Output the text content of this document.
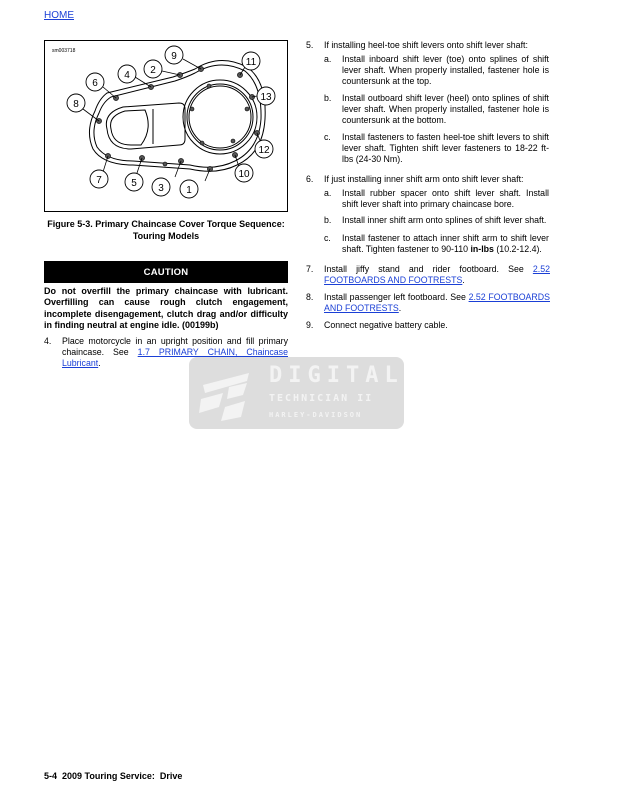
HOME
sm003718
1
2
3
4
5
6
7
8
9
10
11
12
13
Figure 5-3. Primary Chaincase Cover Torque Sequence:
Touring Models
CAUTION
Do not overfill the primary chaincase with lubricant. Overfilling can cause rough clutch engagement, incomplete disengagement, clutch drag and/or difficulty in finding neutral at engine idle. (00199b)
4. Place motorcycle in an upright position and fill primary chaincase. See 1.7 PRIMARY CHAIN, Chaincase Lubricant.
5. If installing heel-toe shift levers onto shift lever shaft:
a. Install inboard shift lever (toe) onto splines of shift lever shaft. When properly installed, fastener hole is countersunk at the top.
b. Install outboard shift lever (heel) onto splines of shift lever shaft. When properly installed, fastener hole is countersunk at the bottom.
c. Install fasteners to fasten heel-toe shift levers to shift lever shaft. Tighten shift lever fasteners to 18-22 ft-lbs (24-30 Nm).
6. If just installing inner shift arm onto shift lever shaft:
a. Install rubber spacer onto shift lever shaft. Install shift lever shaft into primary chaincase bore.
b. Install inner shift arm onto splines of shift lever shaft.
c. Install fastener to attach inner shift arm to shift lever shaft. Tighten fastener to 90-110 in-lbs (10.2-12.4).
7. Install jiffy stand and rider footboard. See 2.52 FOOTBOARDS AND FOOTRESTS.
8. Install passenger left footboard. See 2.52 FOOTBOARDS AND FOOTRESTS.
9. Connect negative battery cable.
DIGITAL
TECHNICIAN II
HARLEY-DAVIDSON
5-4  2009 Touring Service:  Drive
